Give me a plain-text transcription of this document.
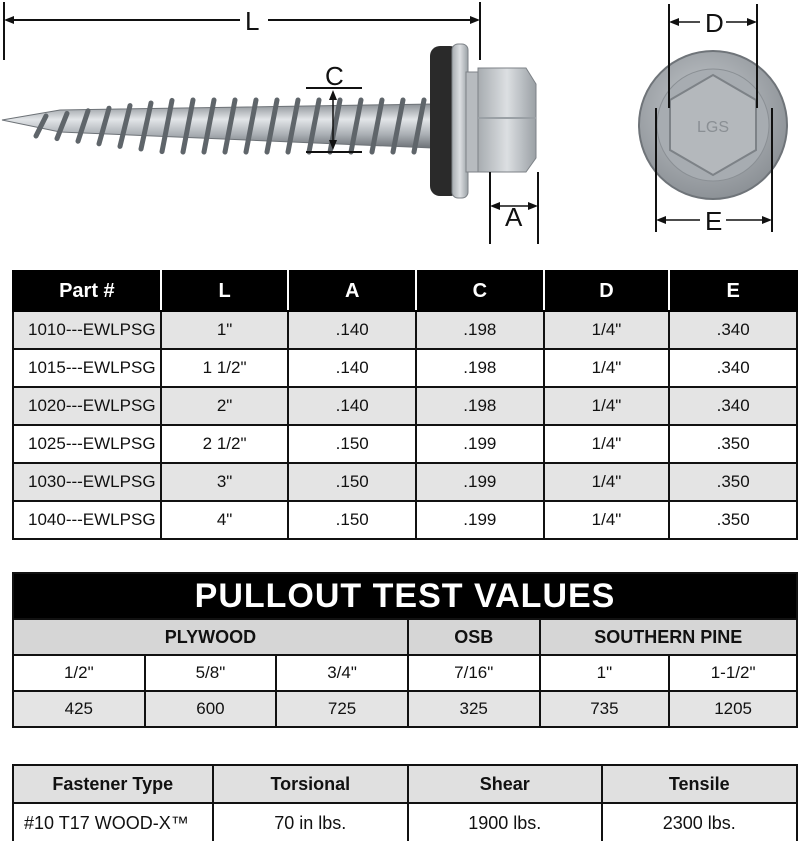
L
C
A
LGS
D
E
Part #	L	A	C	D	E
1010---EWLPSG	1"	.140	.198	1/4"	.340
1015---EWLPSG	1 1/2"	.140	.198	1/4"	.340
1020---EWLPSG	2"	.140	.198	1/4"	.340
1025---EWLPSG	2 1/2"	.150	.199	1/4"	.350
1030---EWLPSG	3"	.150	.199	1/4"	.350
1040---EWLPSG	4"	.150	.199	1/4"	.350
PULLOUT TEST VALUES					
PLYWOOD			OSB	SOUTHERN PINE	
1/2"	5/8"	3/4"	7/16"	1"	1-1/2"
425	600	725	325	735	1205
Fastener Type	Torsional	Shear	Tensile
#10 T17 WOOD-X™	70 in lbs.	1900 lbs.	2300 lbs.
